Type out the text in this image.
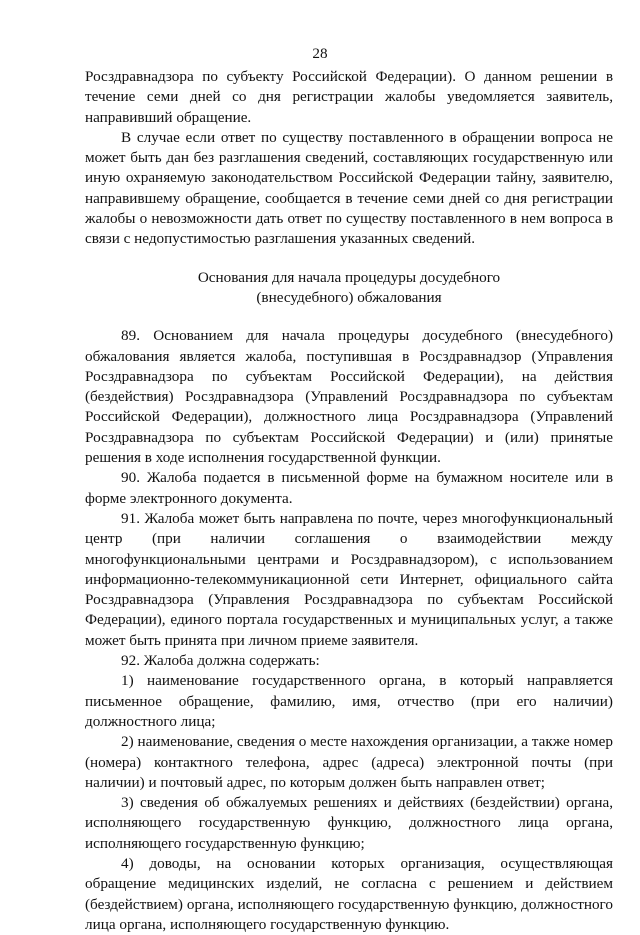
28

Росздравнадзора по субъекту Российской Федерации). О данном решении в течение семи дней со дня регистрации жалобы уведомляется заявитель, направивший обращение.

В случае если ответ по существу поставленного в обращении вопроса не может быть дан без разглашения сведений, составляющих государственную или иную охраняемую законодательством Российской Федерации тайну, заявителю, направившему обращение, сообщается в течение семи дней со дня регистрации жалобы о невозможности дать ответ по существу поставленного в нем вопроса в связи с недопустимостью разглашения указанных сведений.

Основания для начала процедуры досудебного
(внесудебного) обжалования

89. Основанием для начала процедуры досудебного (внесудебного) обжалования является жалоба, поступившая в Росздравнадзор (Управления Росздравнадзора по субъектам Российской Федерации), на действия (бездействия) Росздравнадзора (Управлений Росздравнадзора по субъектам Российской Федерации), должностного лица Росздравнадзора (Управлений Росздравнадзора по субъектам Российской Федерации) и (или) принятые решения в ходе исполнения государственной функции.

90. Жалоба подается в письменной форме на бумажном носителе или в форме электронного документа.

91. Жалоба может быть направлена по почте, через многофункциональный центр (при наличии соглашения о взаимодействии между многофункциональными центрами и Росздравнадзором), с использованием информационно-телекоммуникационной сети Интернет, официального сайта Росздравнадзора (Управления Росздравнадзора по субъектам Российской Федерации), единого портала государственных и муниципальных услуг, а также может быть принята при личном приеме заявителя.

92. Жалоба должна содержать:

1) наименование государственного органа, в который направляется письменное обращение, фамилию, имя, отчество (при его наличии) должностного лица;

2) наименование, сведения о месте нахождения организации, а также номер (номера) контактного телефона, адрес (адреса) электронной почты (при наличии) и почтовый адрес, по которым должен быть направлен ответ;

3) сведения об обжалуемых решениях и действиях (бездействии) органа, исполняющего государственную функцию, должностного лица органа, исполняющего государственную функцию;

4) доводы, на основании которых организация, осуществляющая обращение медицинских изделий, не согласна с решением и действием (бездействием) органа, исполняющего государственную функцию, должностного лица органа, исполняющего государственную функцию.
